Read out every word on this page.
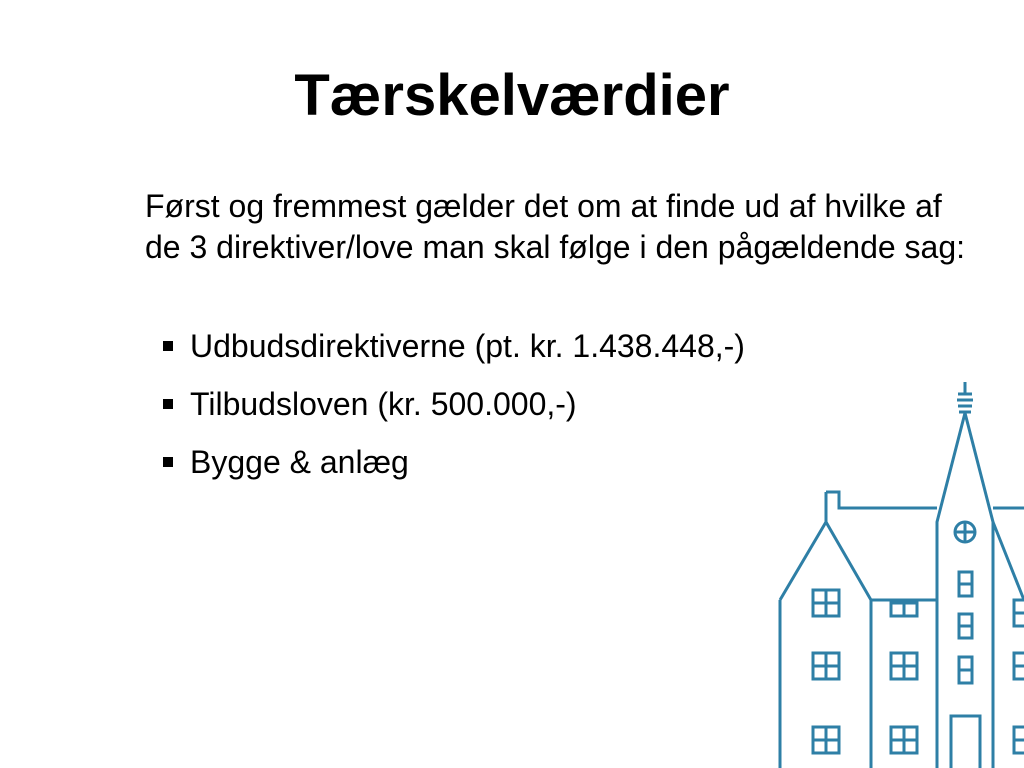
Tærskelværdier

Først og fremmest gælder det om at finde ud af hvilke af de 3 direktiver/love man skal følge i den pågældende sag:

Udbudsdirektiverne (pt. kr. 1.438.448,-)
Tilbudsloven (kr. 500.000,-)
Bygge & anlæg
